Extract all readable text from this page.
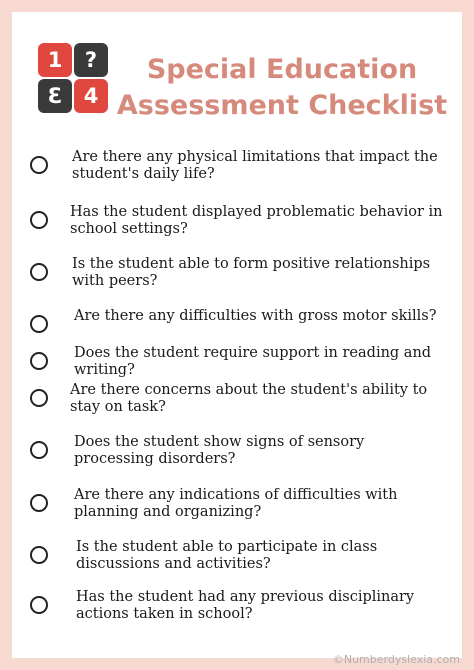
1	?
Ɛ	4
Special Education
Assessment Checklist
Are there any physical limitations that impact the student's daily life?
Has the student displayed problematic behavior in school settings?
Is the student able to form positive relationships with peers?
Are there any difficulties with gross motor skills?
Does the student require support in reading and writing?
Are there concerns about the student's ability to stay on task?
Does the student show signs of sensory processing disorders?
Are there any indications of difficulties with planning and organizing?
Is the student able to participate in class discussions and activities?
Has the student had any previous disciplinary actions taken in school?
©Numberdyslexia.com
